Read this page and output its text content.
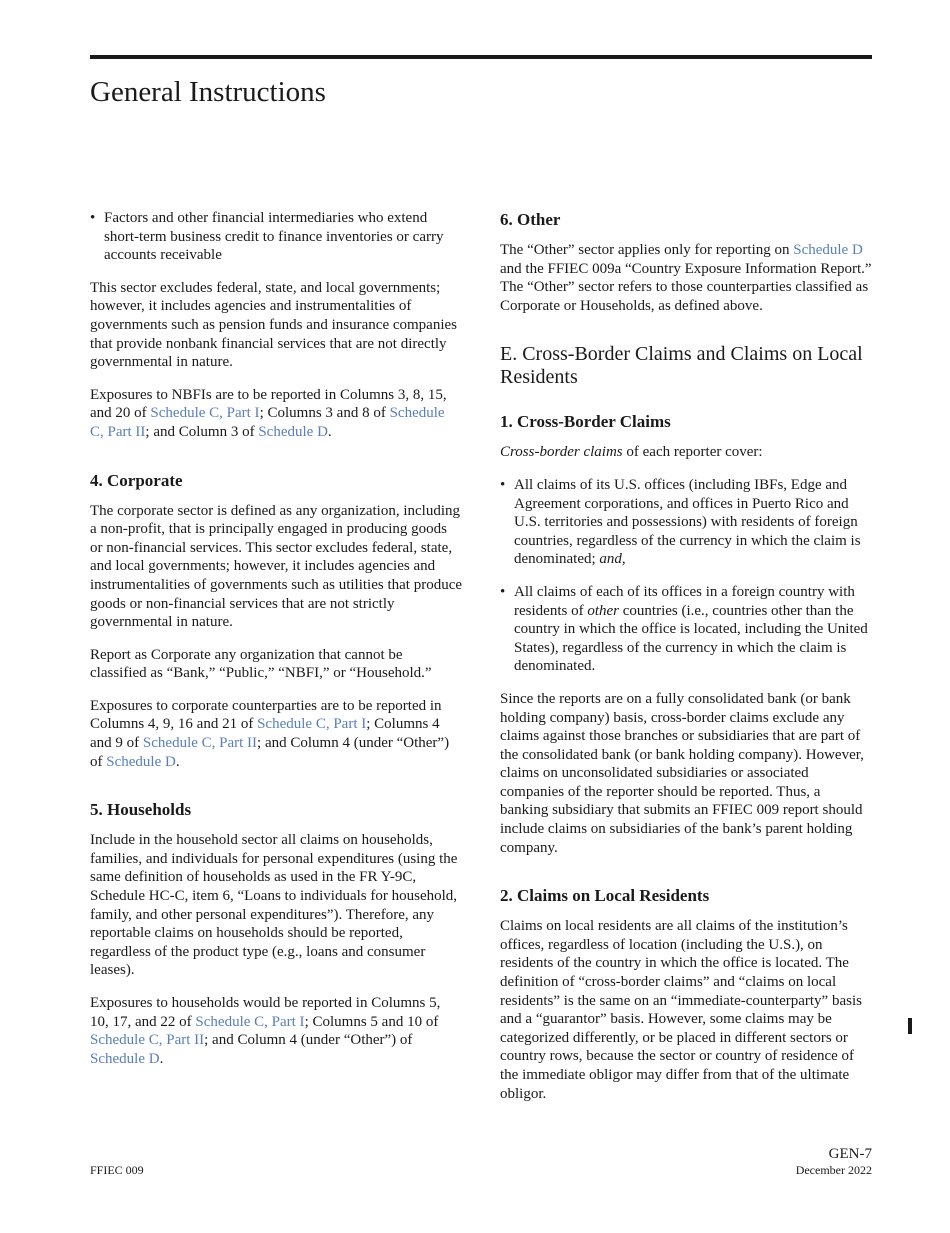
General Instructions
• Factors and other financial intermediaries who extend short-term business credit to finance inventories or carry accounts receivable

This sector excludes federal, state, and local governments; however, it includes agencies and instrumentalities of governments such as pension funds and insurance companies that provide nonbank financial services that are not directly governmental in nature.

Exposures to NBFIs are to be reported in Columns 3, 8, 15, and 20 of Schedule C, Part I; Columns 3 and 8 of Schedule C, Part II; and Column 3 of Schedule D.

4. Corporate

The corporate sector is defined as any organization, including a non-profit, that is principally engaged in producing goods or non-financial services. This sector excludes federal, state, and local governments; however, it includes agencies and instrumentalities of governments such as utilities that produce goods or non-financial services that are not strictly governmental in nature.

Report as Corporate any organization that cannot be classified as “Bank,” “Public,” “NBFI,” or “Household.”

Exposures to corporate counterparties are to be reported in Columns 4, 9, 16 and 21 of Schedule C, Part I; Columns 4 and 9 of Schedule C, Part II; and Column 4 (under “Other”) of Schedule D.

5. Households

Include in the household sector all claims on households, families, and individuals for personal expenditures (using the same definition of households as used in the FR Y-9C, Schedule HC-C, item 6, “Loans to individuals for household, family, and other personal expenditures”). Therefore, any reportable claims on households should be reported, regardless of the product type (e.g., loans and consumer leases).

Exposures to households would be reported in Columns 5, 10, 17, and 22 of Schedule C, Part I; Columns 5 and 10 of Schedule C, Part II; and Column 4 (under “Other”) of Schedule D.

6. Other

The “Other” sector applies only for reporting on Schedule D and the FFIEC 009a “Country Exposure Information Report.” The “Other” sector refers to those counterparties classified as Corporate or Households, as defined above.

E. Cross-Border Claims and Claims on Local Residents
1. Cross-Border Claims

Cross-border claims of each reporter cover:

• All claims of its U.S. offices (including IBFs, Edge and Agreement corporations, and offices in Puerto Rico and U.S. territories and possessions) with residents of foreign countries, regardless of the currency in which the claim is denominated; and,
• All claims of each of its offices in a foreign country with residents of other countries (i.e., countries other than the country in which the office is located, including the United States), regardless of the currency in which the claim is denominated.

Since the reports are on a fully consolidated bank (or bank holding company) basis, cross-border claims exclude any claims against those branches or subsidiaries that are part of the consolidated bank (or bank holding company). However, claims on unconsolidated subsidiaries or associated companies of the reporter should be reported. Thus, a banking subsidiary that submits an FFIEC 009 report should include claims on subsidiaries of the bank’s parent holding company.

2. Claims on Local Residents

Claims on local residents are all claims of the institution’s offices, regardless of location (including the U.S.), on residents of the country in which the office is located. The definition of “cross-border claims” and “claims on local residents” is the same on an “immediate-counterparty” basis and a “guarantor” basis. However, some claims may be categorized differently, or be placed in different sectors or country rows, because the sector or country of residence of the immediate obligor may differ from that of the ultimate obligor.

FFIEC 009
GEN-7
December 2022
